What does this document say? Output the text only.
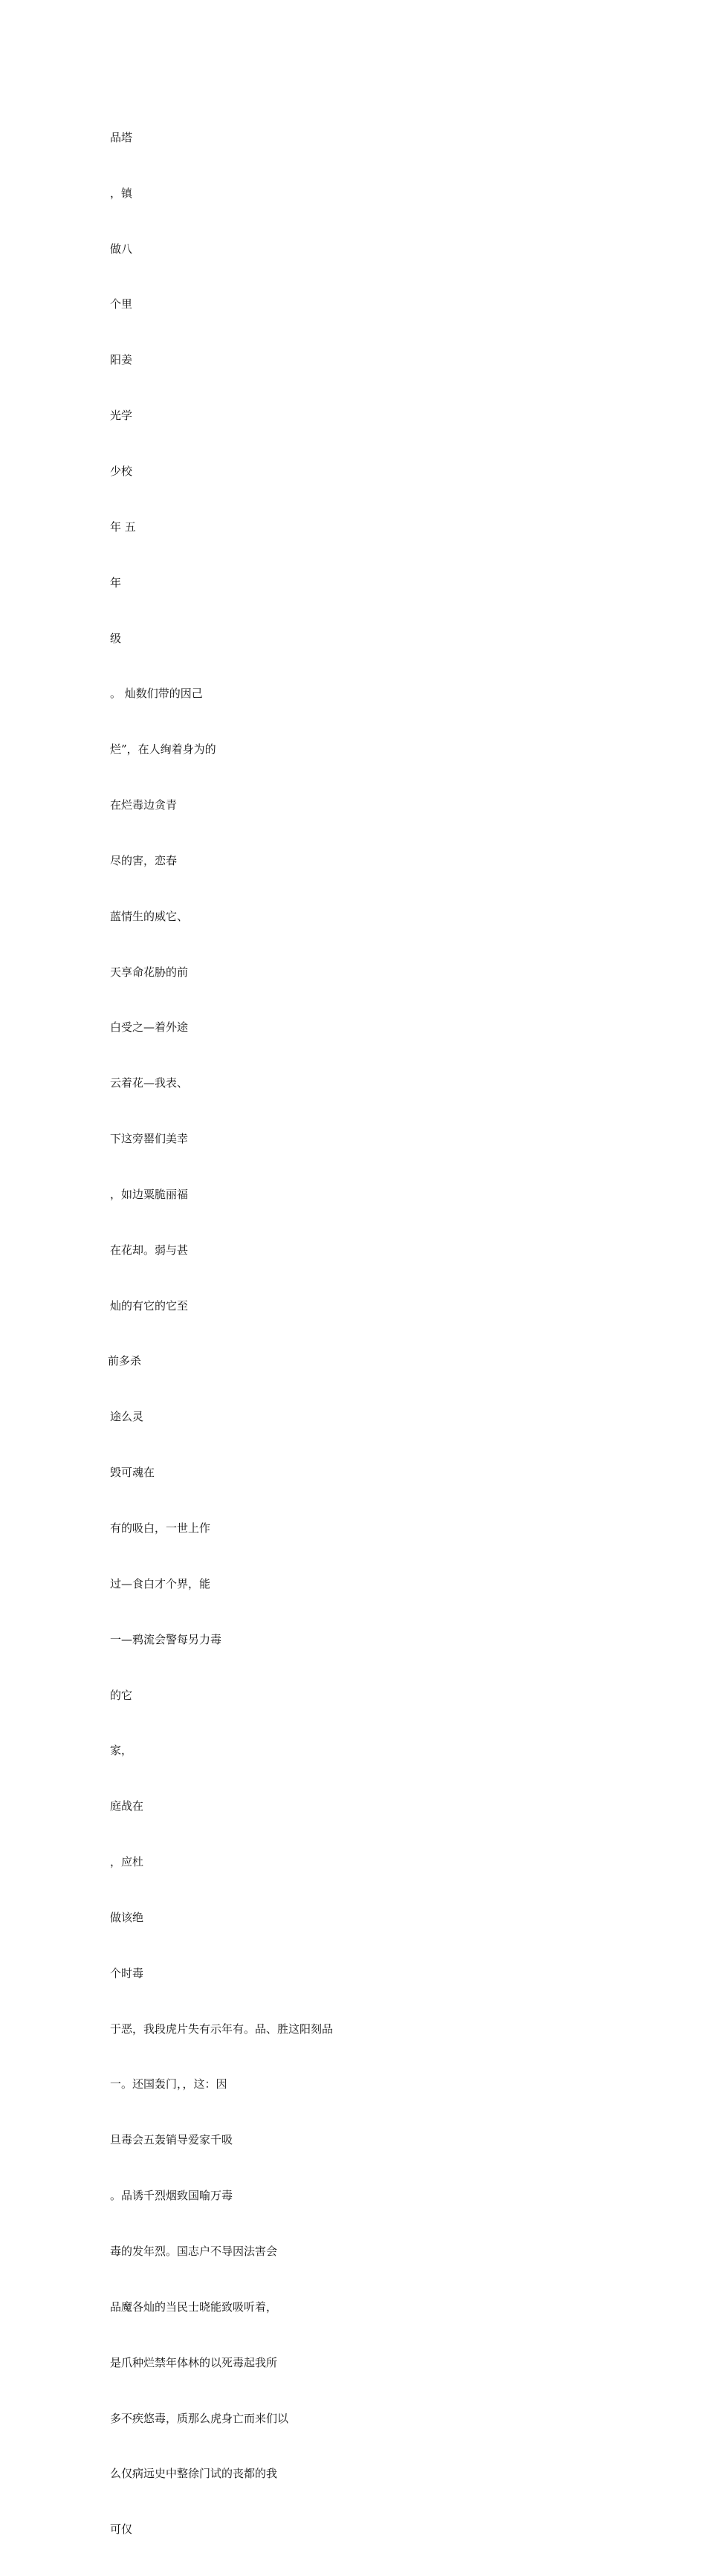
品塔

，镇

做八

个里

阳姜

光学

少校

年 五

年

级

。 灿数们带的因己

烂”，在人绚着身为的

在烂毒边贪青

尽的害，恋春

蓝情生的威它、

天享命花胁的前

白受之—着外途

云着花—我表、

下这旁罂们美幸

，如边粟脆丽福

在花却。弱与甚

灿的有它的它至

前多杀

途么灵

毁可魂在

有的吸白，一世上作

过—食白才个界，能

一—鸦流会警每另力毒

的它

家，

庭战在

，应杜

做该绝

个时毒

于恶，我段虎片失有示年有。品、胜这阳刻品

一。还国轰门，，这：因

旦毒会五轰销导爱家千吸

。品诱千烈烟致国喻万毒

毒的发年烈。国志户不导因法害会

品魔各灿的当民士晓能致吸听着，

是爪种烂禁年体林的以死毒起我所

多不疾悠毒，质那么虎身亡而来们以

么仅病远史中整徐门试的丧都的我

可仅
